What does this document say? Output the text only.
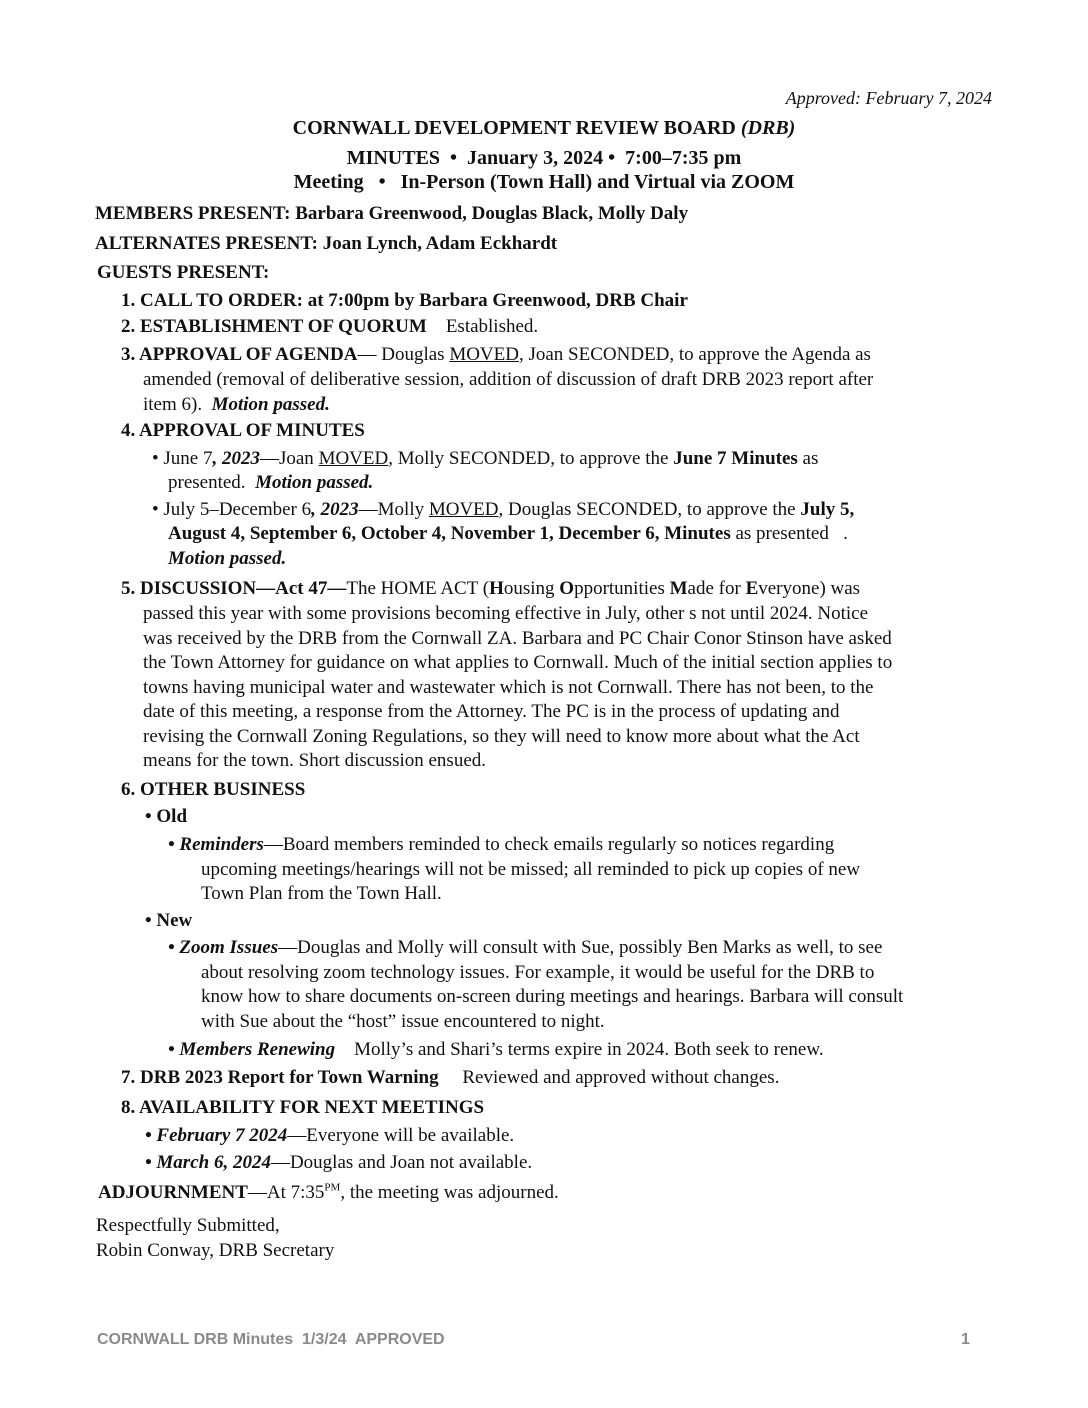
Approved: February 7, 2024
CORNWALL DEVELOPMENT REVIEW BOARD (DRB)
MINUTES  •  January 3, 2024 •  7:00–7:35 pm
Meeting   •   In-Person (Town Hall) and Virtual via ZOOM
MEMBERS PRESENT: Barbara Greenwood, Douglas Black, Molly Daly
ALTERNATES PRESENT: Joan Lynch, Adam Eckhardt
GUESTS PRESENT:
1. CALL TO ORDER: at 7:00pm by Barbara Greenwood, DRB Chair
2. ESTABLISHMENT OF QUORUM Established.
3. APPROVAL OF AGENDA— Douglas MOVED, Joan SECONDED, to approve the Agenda as
amended (removal of deliberative session, addition of discussion of draft DRB 2023 report after
item 6).  Motion passed.
4. APPROVAL OF MINUTES
• June 7, 2023—Joan MOVED, Molly SECONDED, to approve the June 7 Minutes as
presented.  Motion passed.
• July 5–December 6, 2023—Molly MOVED, Douglas SECONDED, to approve the July 5,
August 4, September 6, October 4, November 1, December 6, Minutes as presented   .
Motion passed.
5. DISCUSSION—Act 47—The HOME ACT (Housing Opportunities Made for Everyone) was
passed this year with some provisions becoming effective in July, other s not until 2024. Notice
was received by the DRB from the Cornwall ZA. Barbara and PC Chair Conor Stinson have asked
the Town Attorney for guidance on what applies to Cornwall. Much of the initial section applies to
towns having municipal water and wastewater which is not Cornwall. There has not been, to the
date of this meeting, a response from the Attorney. The PC is in the process of updating and
revising the Cornwall Zoning Regulations, so they will need to know more about what the Act
means for the town. Short discussion ensued.
6. OTHER BUSINESS
• Old
• Reminders—Board members reminded to check emails regularly so notices regarding
upcoming meetings/hearings will not be missed; all reminded to pick up copies of new
Town Plan from the Town Hall.
• New
• Zoom Issues—Douglas and Molly will consult with Sue, possibly Ben Marks as well, to see
about resolving zoom technology issues. For example, it would be useful for the DRB to
know how to share documents on-screen during meetings and hearings. Barbara will consult
with Sue about the “host” issue encountered to night.
• Members Renewing Molly’s and Shari’s terms expire in 2024. Both seek to renew.
7. DRB 2023 Report for Town Warning Reviewed and approved without changes.
8. AVAILABILITY FOR NEXT MEETINGS
• February 7 2024—Everyone will be available.
• March 6, 2024—Douglas and Joan not available.
ADJOURNMENT—At $7:35^{PM}$, the meeting was adjourned.
Respectfully Submitted,
Robin Conway, DRB Secretary
CORNWALL DRB Minutes  1/3/24  APPROVED	1
